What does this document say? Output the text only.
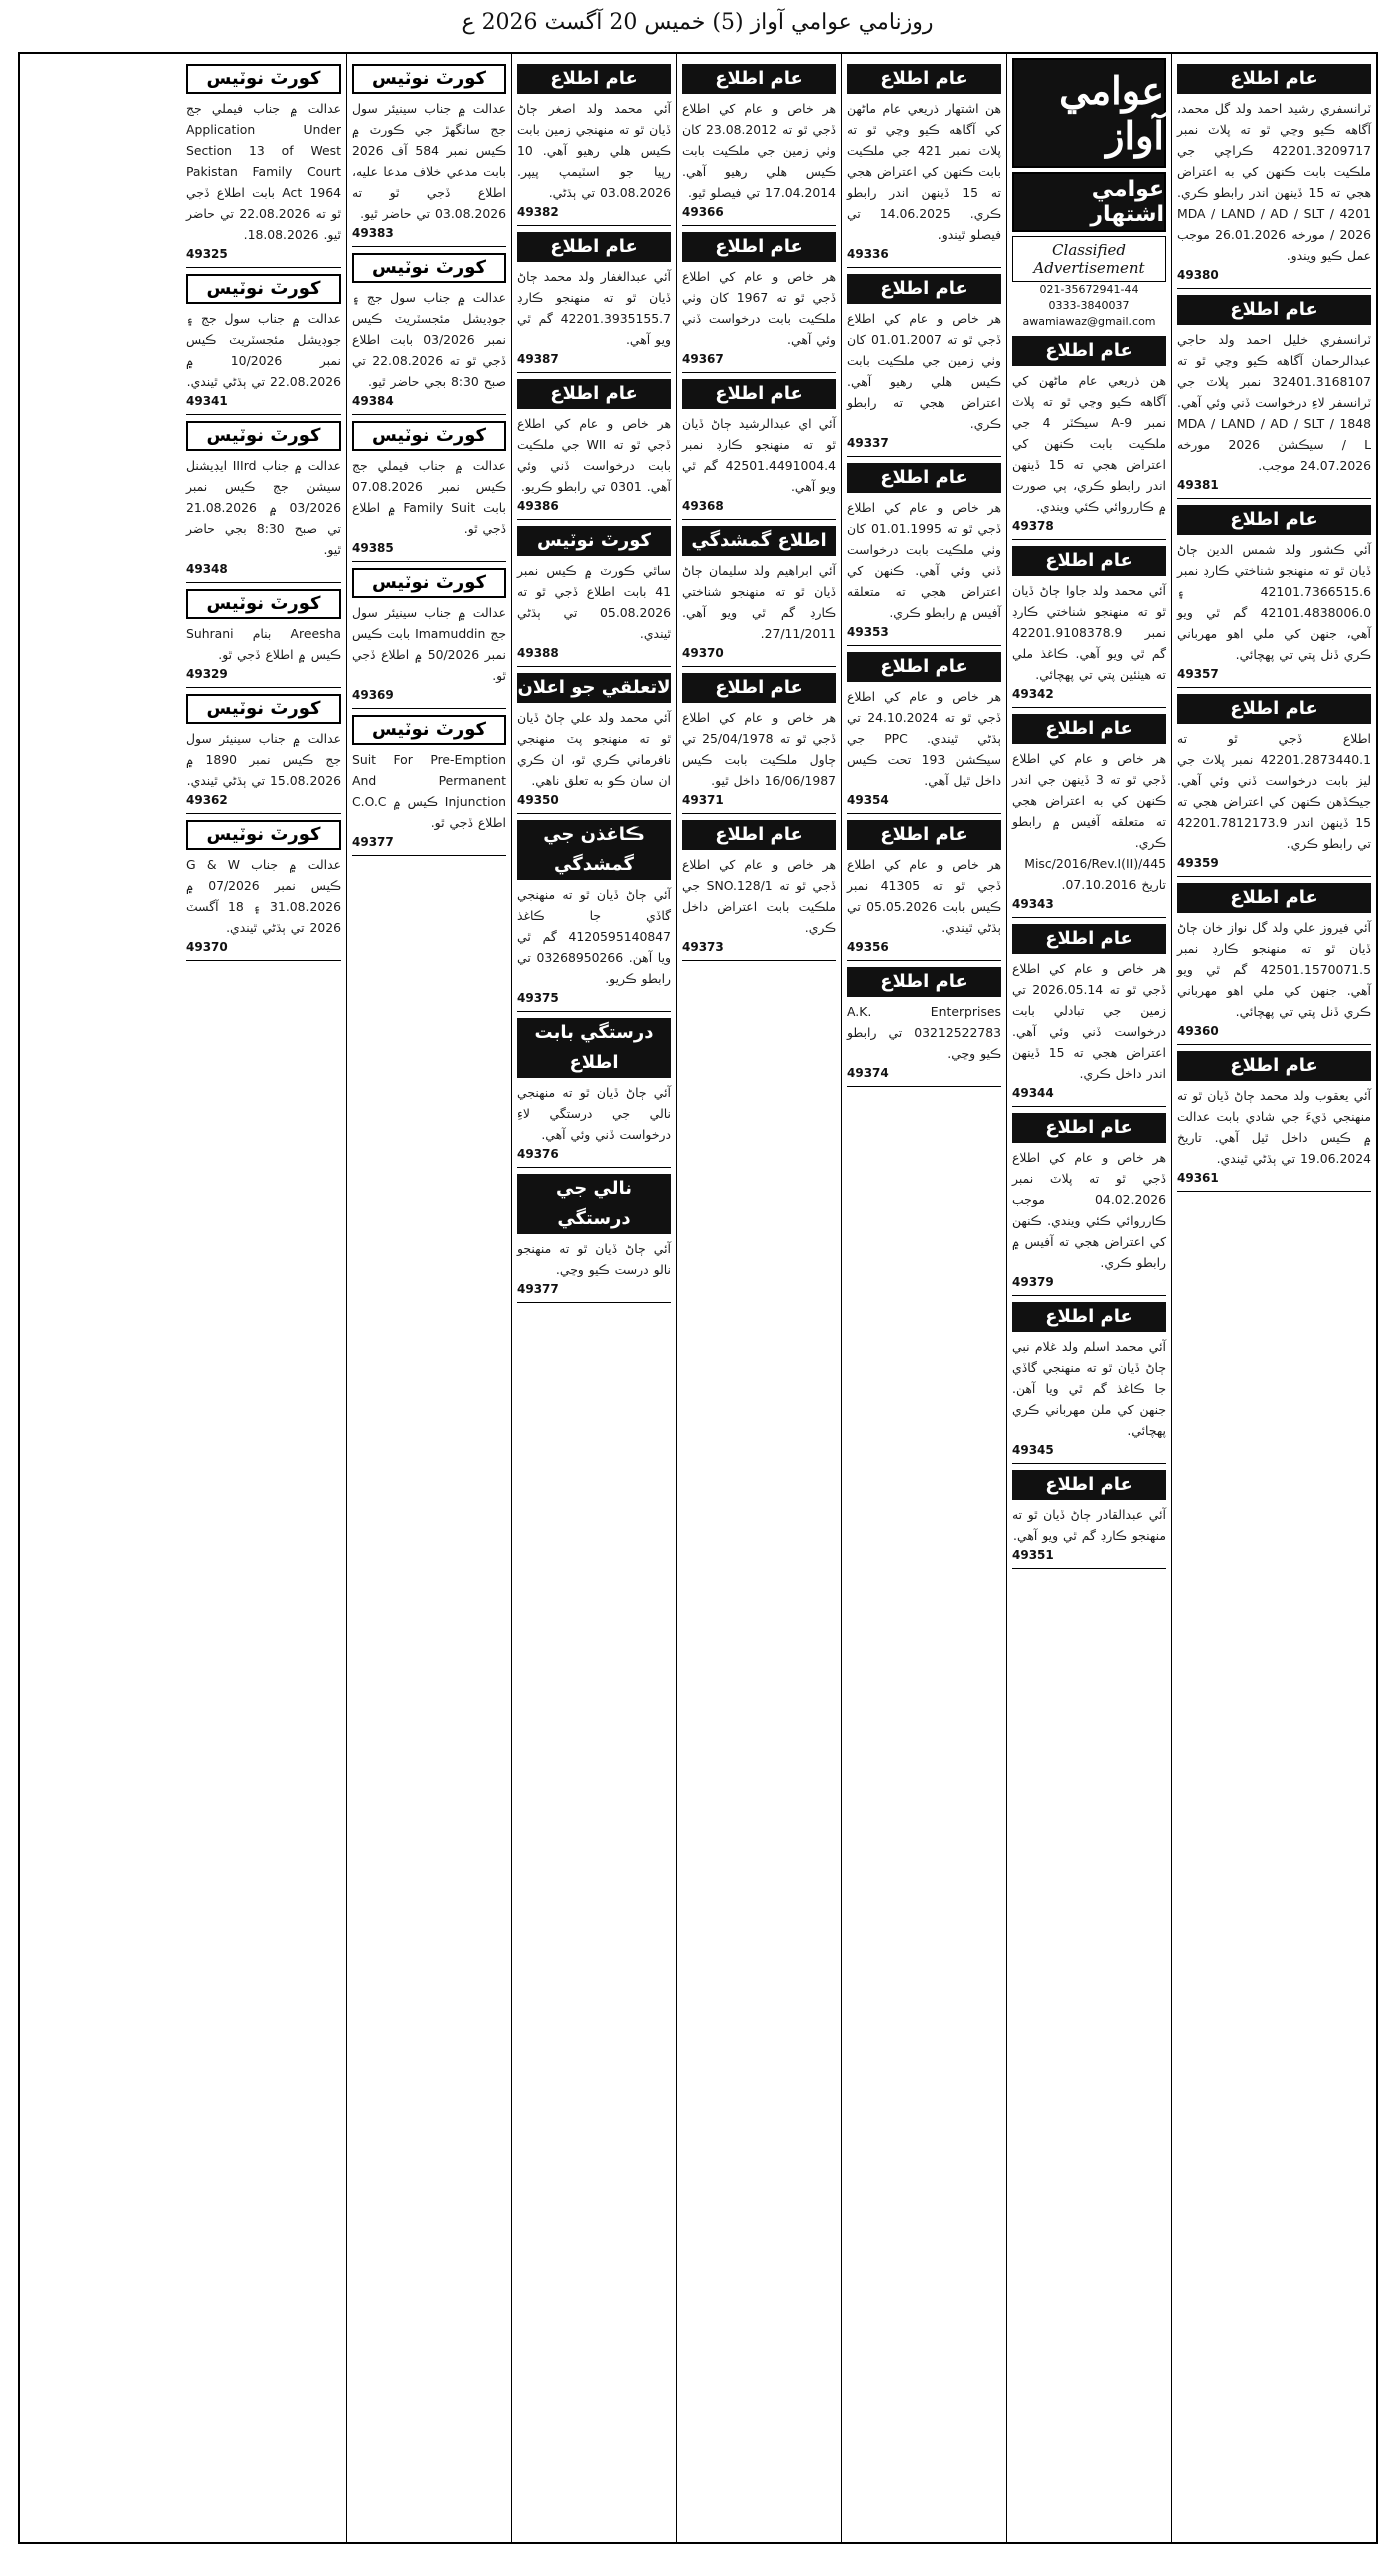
روزنامي عوامي آواز (5) خميس 20 آگسٽ 2026 ع
عام اطلاع

ٽرانسفري رشيد احمد ولد گل محمد، آگاهه ڪيو وڃي ٿو ته پلاٽ نمبر 42201.3209717 ڪراچي جي ملڪيت بابت ڪنهن کي به اعتراض هجي ته 15 ڏينهن اندر رابطو ڪري. MDA / LAND / AD / SLT / 4201 / 2026 مورخه 26.01.2026 موجب عمل ڪيو ويندو.

49380
عام اطلاع

ٽرانسفري خليل احمد ولد حاجي عبدالرحمان آگاهه ڪيو وڃي ٿو ته 32401.3168107 نمبر پلاٽ جي ٽرانسفر لاءِ درخواست ڏني وئي آهي. MDA / LAND / AD / SLT / 1848 / L سيڪشن 2026 مورخه 24.07.2026 موجب.

49381
عام اطلاع

آئي ڪشور ولد شمس الدين ڄاڻ ڏيان ٿو ته منهنجو شناختي ڪارڊ نمبر 42101.7366515.6 ۽ 42101.4838006.0 گم ٿي ويو آهي، جنهن کي ملي اهو مهرباني ڪري ڏنل پتي تي پهچائي.

49357
عام اطلاع

اطلاع ڏجي ٿو ته 42201.2873440.1 نمبر پلاٽ جي ليز بابت درخواست ڏني وئي آهي. جيڪڏهن ڪنهن کي اعتراض هجي ته 15 ڏينهن اندر 42201.7812173.9 تي رابطو ڪري.

49359
عام اطلاع

آئي فيروز علي ولد گل نواز خان ڄاڻ ڏيان ٿو ته منهنجو ڪارڊ نمبر 42501.1570071.5 گم ٿي ويو آهي. جنهن کي ملي اهو مهرباني ڪري ڏنل پتي تي پهچائي.

49360
عام اطلاع

آئي يعقوب ولد محمد ڄاڻ ڏيان ٿو ته منهنجي ڌيءَ جي شادي بابت عدالت ۾ ڪيس داخل ٿيل آهي. تاريخ 19.06.2024 تي ٻڌڻي ٿيندي.

49361
عوامي آواز
عوامي اشتهار
Classified Advertisement
021-35672941-44
0333-3840037
awamiawaz@gmail.com
عام اطلاع

هن ذريعي عام ماڻهن کي آگاهه ڪيو وڃي ٿو ته پلاٽ نمبر 9-A سيڪٽر 4 جي ملڪيت بابت ڪنهن کي اعتراض هجي ته 15 ڏينهن اندر رابطو ڪري، ٻي صورت ۾ ڪارروائي ڪئي ويندي.

49378
عام اطلاع

آئي محمد ولد جاوا ڄاڻ ڏيان ٿو ته منهنجو شناختي ڪارڊ نمبر 42201.9108378.9 گم ٿي ويو آهي. ڪاغذ ملي ته هيٺئين پتي تي پهچائي.

49342
عام اطلاع

هر خاص و عام کي اطلاع ڏجي ٿو ته 3 ڏينهن جي اندر ڪنهن کي به اعتراض هجي ته متعلقه آفيس ۾ رابطو ڪري. Misc/2016/Rev.I(II)/445 تاريخ 07.10.2016.

49343
عام اطلاع

هر خاص و عام کي اطلاع ڏجي ٿو ته 2026.05.14 تي زمين جي تبادلي بابت درخواست ڏني وئي آهي. اعتراض هجي ته 15 ڏينهن اندر داخل ڪري.

49344
عام اطلاع

هر خاص و عام کي اطلاع ڏجي ٿو ته پلاٽ نمبر 04.02.2026 موجب ڪارروائي ڪئي ويندي. ڪنهن کي اعتراض هجي ته آفيس ۾ رابطو ڪري.

49379
عام اطلاع

آئي محمد اسلم ولد غلام نبي ڄاڻ ڏيان ٿو ته منهنجي گاڏي جا ڪاغذ گم ٿي ويا آهن. جنهن کي ملن مهرباني ڪري پهچائي.

49345
عام اطلاع

آئي عبدالقادر ڄاڻ ڏيان ٿو ته منهنجو ڪارڊ گم ٿي ويو آهي.

49351
عام اطلاع

هن اشتهار ذريعي عام ماڻهن کي آگاهه ڪيو وڃي ٿو ته پلاٽ نمبر 421 جي ملڪيت بابت ڪنهن کي اعتراض هجي ته 15 ڏينهن اندر رابطو ڪري. 14.06.2025 تي فيصلو ٿيندو.

49336
عام اطلاع

هر خاص و عام کي اطلاع ڏجي ٿو ته 01.01.2007 کان وٺي زمين جي ملڪيت بابت ڪيس هلي رهيو آهي. اعتراض هجي ته رابطو ڪري.

49337
عام اطلاع

هر خاص و عام کي اطلاع ڏجي ٿو ته 01.01.1995 کان وٺي ملڪيت بابت درخواست ڏني وئي آهي. ڪنهن کي اعتراض هجي ته متعلقه آفيس ۾ رابطو ڪري.

49353
عام اطلاع

هر خاص و عام کي اطلاع ڏجي ٿو ته 24.10.2024 تي ٻڌڻي ٿيندي. PPC جي سيڪشن 193 تحت ڪيس داخل ٿيل آهي.

49354
عام اطلاع

هر خاص و عام کي اطلاع ڏجي ٿو ته 41305 نمبر ڪيس بابت 05.05.2026 تي ٻڌڻي ٿيندي.

49356
عام اطلاع

A.K. Enterprises 03212522783 تي رابطو ڪيو وڃي.

49374
عام اطلاع

هر خاص و عام کي اطلاع ڏجي ٿو ته 23.08.2012 کان وٺي زمين جي ملڪيت بابت ڪيس هلي رهيو آهي. 17.04.2014 تي فيصلو ٿيو.

49366
عام اطلاع

هر خاص و عام کي اطلاع ڏجي ٿو ته 1967 کان وٺي ملڪيت بابت درخواست ڏني وئي آهي.

49367
عام اطلاع

آئي اي عبدالرشيد ڄاڻ ڏيان ٿو ته منهنجو ڪارڊ نمبر 42501.4491004.4 گم ٿي ويو آهي.

49368
اطلاع گمشدگي

آئي ابراهيم ولد سليمان ڄاڻ ڏيان ٿو ته منهنجو شناختي ڪارڊ گم ٿي ويو آهي. 27/11/2011.

49370
عام اطلاع

هر خاص و عام کي اطلاع ڏجي ٿو ته 25/04/1978 تي ڄاول ملڪيت بابت ڪيس 16/06/1987 داخل ٿيو.

49371
عام اطلاع

هر خاص و عام کي اطلاع ڏجي ٿو ته SNO.128/1 جي ملڪيت بابت اعتراض داخل ڪري.

49373
عام اطلاع

آئي محمد ولد اصغر ڄاڻ ڏيان ٿو ته منهنجي زمين بابت ڪيس هلي رهيو آهي. 10 رپيا جو اسٽيمپ پيپر. 03.08.2026 تي ٻڌڻي.

49382
عام اطلاع

آئي عبدالغفار ولد محمد ڄاڻ ڏيان ٿو ته منهنجو ڪارڊ 42201.3935155.7 گم ٿي ويو آهي.

49387
عام اطلاع

هر خاص و عام کي اطلاع ڏجي ٿو ته WII جي ملڪيت بابت درخواست ڏني وئي آهي. 0301 تي رابطو ڪريو.

49386
کورٽ نوٽيس

ساٿي ڪورٽ ۾ ڪيس نمبر 41 بابت اطلاع ڏجي ٿو ته 05.08.2026 تي ٻڌڻي ٿيندي.

49388
لاتعلقي جو اعلان

آئي محمد ولد علي ڄاڻ ڏيان ٿو ته منهنجو پٽ منهنجي نافرماني ڪري ٿو، ان ڪري ان سان ڪو به تعلق ناهي.

49350
ڪاغذن جي گمشدگي

آئي ڄاڻ ڏيان ٿو ته منهنجي گاڏي جا ڪاغذ 4120595140847 گم ٿي ويا آهن. 03268950266 تي رابطو ڪريو.

49375
درستگي بابت اطلاع

آئي ڄاڻ ڏيان ٿو ته منهنجي نالي جي درستگي لاءِ درخواست ڏني وئي آهي.

49376
نالي جي درستگي

آئي ڄاڻ ڏيان ٿو ته منهنجو نالو درست ڪيو وڃي.

49377
کورٽ نوٽيس

عدالت ۾ جناب سينيئر سول جج سانگهڙ جي ڪورٽ ۾ ڪيس نمبر 584 آف 2026 بابت مدعي خلاف مدعا عليه، اطلاع ڏجي ٿو ته 03.08.2026 تي حاضر ٿيو.

49383
کورٽ نوٽيس

عدالت ۾ جناب سول جج ۽ جوڊيشل مئجسٽريٽ ڪيس نمبر 03/2026 بابت اطلاع ڏجي ٿو ته 22.08.2026 تي صبح 8:30 بجي حاضر ٿيو.

49384
کورٽ نوٽيس

عدالت ۾ جناب فيملي جج ڪيس نمبر 07.08.2026 بابت Family Suit ۾ اطلاع ڏجي ٿو.

49385
کورٽ نوٽيس

عدالت ۾ جناب سينيئر سول جج Imamuddin بابت ڪيس نمبر 50/2026 ۾ اطلاع ڏجي ٿو.

49369
کورٽ نوٽيس

Suit For Pre-Emption And Permanent Injunction ڪيس ۾ C.O.C اطلاع ڏجي ٿو.

49377
کورٽ نوٽيس

عدالت ۾ جناب فيملي جج Application Under Section 13 of West Pakistan Family Court Act 1964 بابت اطلاع ڏجي ٿو ته 22.08.2026 تي حاضر ٿيو. 18.08.2026.

49325
کورٽ نوٽيس

عدالت ۾ جناب سول جج ۽ جوڊيشل مئجسٽريٽ ڪيس نمبر 10/2026 ۾ 22.08.2026 تي ٻڌڻي ٿيندي.

49341
کورٽ نوٽيس

عدالت ۾ جناب IIIrd ايڊيشنل سيشن جج ڪيس نمبر 03/2026 ۾ 21.08.2026 تي صبح 8:30 بجي حاضر ٿيو.

49348
کورٽ نوٽيس

Areesha بنام Suhrani ڪيس ۾ اطلاع ڏجي ٿو.

49329
کورٽ نوٽيس

عدالت ۾ جناب سينيئر سول جج ڪيس نمبر 1890 ۾ 15.08.2026 تي ٻڌڻي ٿيندي.

49362
کورٽ نوٽيس

عدالت ۾ جناب G & W ڪيس نمبر 07/2026 ۾ 31.08.2026 ۽ 18 آگسٽ 2026 تي ٻڌڻي ٿيندي.

49370
